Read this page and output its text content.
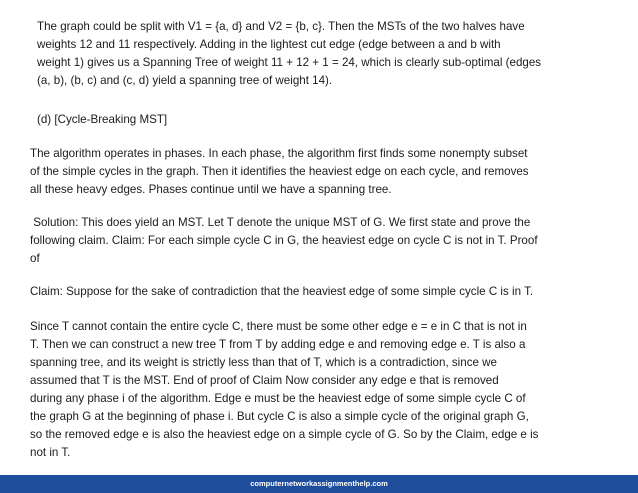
The graph could be split with V1 = {a, d} and V2 = {b, c}. Then the MSTs of the two halves have
weights 12 and 11 respectively. Adding in the lightest cut edge (edge between a and b with
weight 1) gives us a Spanning Tree of weight 11 + 12 + 1 = 24, which is clearly sub-optimal (edges
(a, b), (b, c) and (c, d) yield a spanning tree of weight 14).

(d) [Cycle-Breaking MST]

The algorithm operates in phases. In each phase, the algorithm first finds some nonempty subset
of the simple cycles in the graph. Then it identifies the heaviest edge on each cycle, and removes
all these heavy edges. Phases continue until we have a spanning tree.

Solution: This does yield an MST. Let T denote the unique MST of G. We first state and prove the
following claim. Claim: For each simple cycle C in G, the heaviest edge on cycle C is not in T. Proof
of

Claim: Suppose for the sake of contradiction that the heaviest edge of some simple cycle C is in T.

Since T cannot contain the entire cycle C, there must be some other edge e = e in C that is not in
T. Then we can construct a new tree T from T by adding edge e and removing edge e. T is also a
spanning tree, and its weight is strictly less than that of T, which is a contradiction, since we
assumed that T is the MST. End of proof of Claim Now consider any edge e that is removed
during any phase i of the algorithm. Edge e must be the heaviest edge of some simple cycle C of
the graph G at the beginning of phase i. But cycle C is also a simple cycle of the original graph G,
so the removed edge e is also the heaviest edge on a simple cycle of G. So by the Claim, edge e is
not in T.

computernetworkassignmenthelp.com
